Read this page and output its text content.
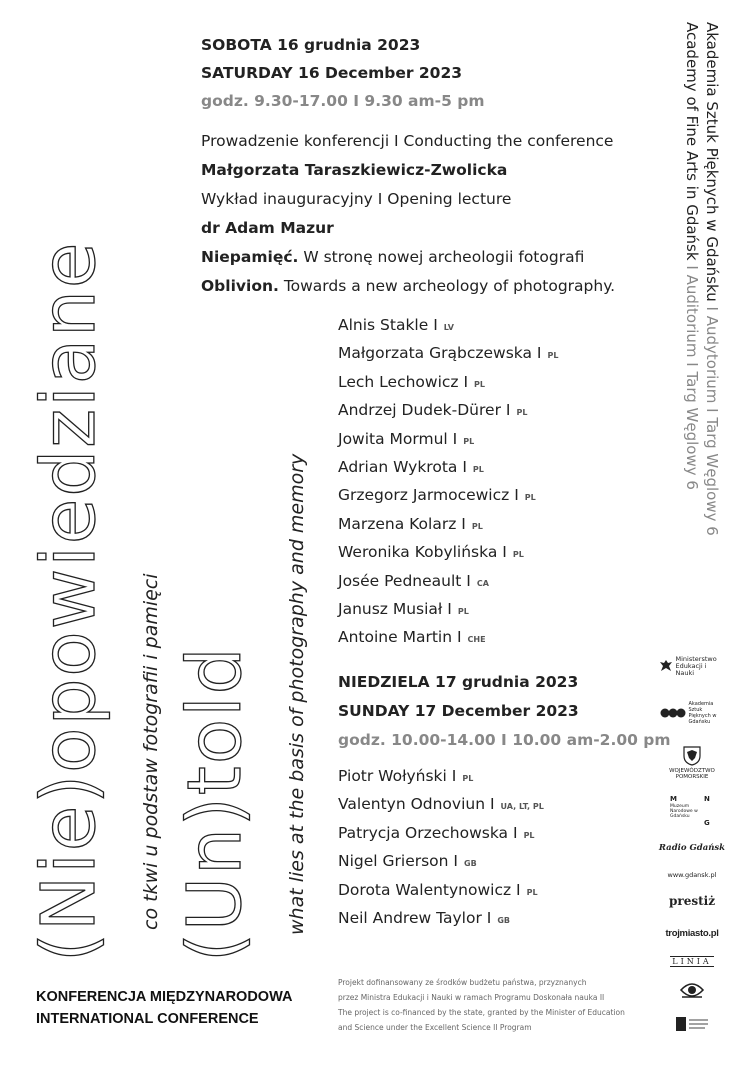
(Nie)opowiedziane co tkwi u podstaw fotografii i pamięci (Un)told what lies at the basis of photography and memory
Akademia Sztuk Pięknych w Gdańsku I Audytorium I Targ Węglowy 6
Academy of Fine Arts in Gdańsk I Auditorium I Targ Węglowy 6
SOBOTA 16 grudnia 2023
SATURDAY 16 December 2023
godz. 9.30-17.00 I 9.30 am-5 pm
Prowadzenie konferencji I Conducting the conference
Małgorzata Taraszkiewicz-Zwolicka
Wykład inauguracyjny I Opening lecture
dr Adam Mazur
Niepamięć. W stronę nowej archeologii fotografi
Oblivion. Towards a new archeology of photography.
Alnis Stakle I LV
Małgorzata Grąbczewska I PL
Lech Lechowicz I PL
Andrzej Dudek-Dürer I PL
Jowita Mormul I PL
Adrian Wykrota I PL
Grzegorz Jarmocewicz I PL
Marzena Kolarz I PL
Weronika Kobylińska I PL
Josée Pedneault I CA
Janusz Musiał I PL
Antoine Martin I CHE
NIEDZIELA 17 grudnia 2023
SUNDAY 17 December 2023
godz. 10.00-14.00 I 10.00 am-2.00 pm
Piotr Wołyński I PL
Valentyn Odnoviun I UA, LT, PL
Patrycja Orzechowska I PL
Nigel Grierson I GB
Dorota Walentynowicz I PL
Neil Andrew Taylor I GB
KONFERENCJA MIĘDZYNARODOWA
INTERNATIONAL CONFERENCE
Projekt dofinansowany ze środków budżetu państwa, przyznanych
przez Ministra Edukacji i Nauki w ramach Programu Doskonała nauka II
The project is co-financed by the state, granted by the Minister of Education
and Science under the Excellent Science II Program
Ministerstwo Edukacji i Nauki
Akademia Sztuk Pięknych w Gdańsku
WOJEWÓDZTWO POMORSKIE
M	N
Muzeum Narodowe w Gdańsku
G
Radio Gdańsk
www.gdansk.pl
prestiż
trojmiasto.pl
LINIA
